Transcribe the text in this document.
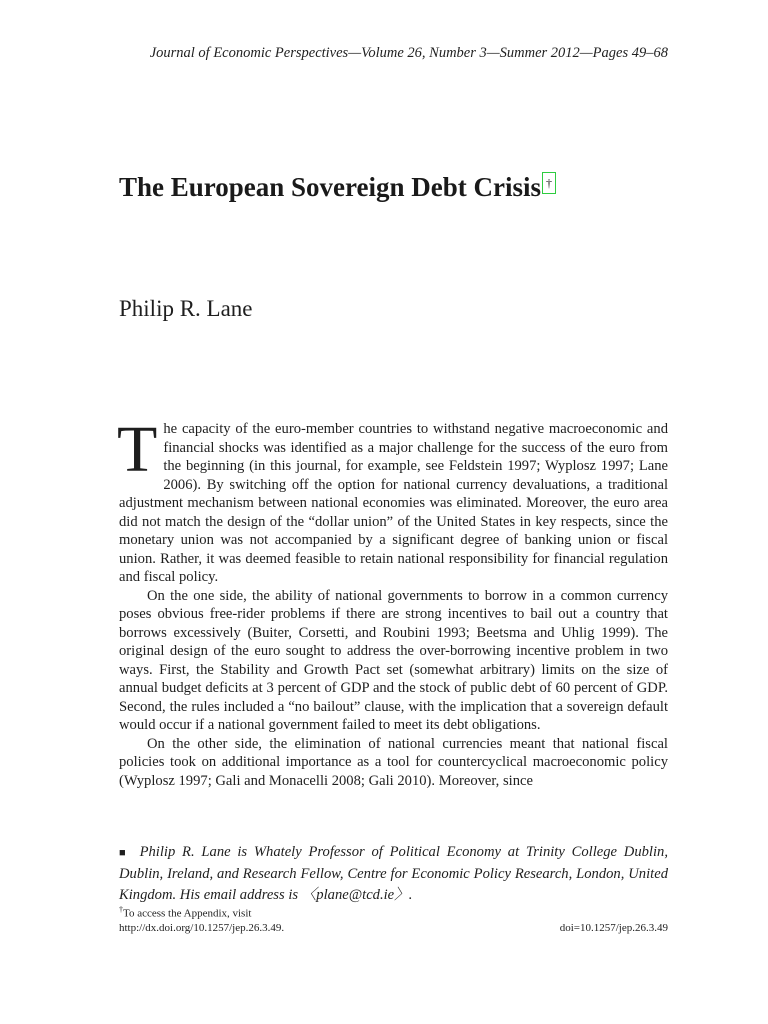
Journal of Economic Perspectives—Volume 26, Number 3—Summer 2012—Pages 49–68
The European Sovereign Debt Crisis †
Philip R. Lane

The capacity of the euro-member countries to withstand negative macroeconomic and financial shocks was identified as a major challenge for the success of the euro from the beginning (in this journal, for example, see Feldstein 1997; Wyplosz 1997; Lane 2006). By switching off the option for national currency devaluations, a traditional adjustment mechanism between national economies was eliminated. Moreover, the euro area did not match the design of the “dollar union” of the United States in key respects, since the monetary union was not accompanied by a significant degree of banking union or fiscal union. Rather, it was deemed feasible to retain national responsibility for financial regulation and fiscal policy.

On the one side, the ability of national governments to borrow in a common currency poses obvious free-rider problems if there are strong incentives to bail out a country that borrows excessively (Buiter, Corsetti, and Roubini 1993; Beetsma and Uhlig 1999). The original design of the euro sought to address the over-borrowing incentive problem in two ways. First, the Stability and Growth Pact set (somewhat arbitrary) limits on the size of annual budget deficits at 3 percent of GDP and the stock of public debt of 60 percent of GDP. Second, the rules included a “no bailout” clause, with the implication that a sovereign default would occur if a national government failed to meet its debt obligations.

On the other side, the elimination of national currencies meant that national fiscal policies took on additional importance as a tool for countercyclical macroeconomic policy (Wyplosz 1997; Gali and Monacelli 2008; Gali 2010). Moreover, since

■ Philip R. Lane is Whately Professor of Political Economy at Trinity College Dublin, Dublin, Ireland, and Research Fellow, Centre for Economic Policy Research, London, United Kingdom. His email address is 〈plane@tcd.ie〉.
†To access the Appendix, visit
http://dx.doi.org/10.1257/jep.26.3.49.	doi=10.1257/jep.26.3.49
